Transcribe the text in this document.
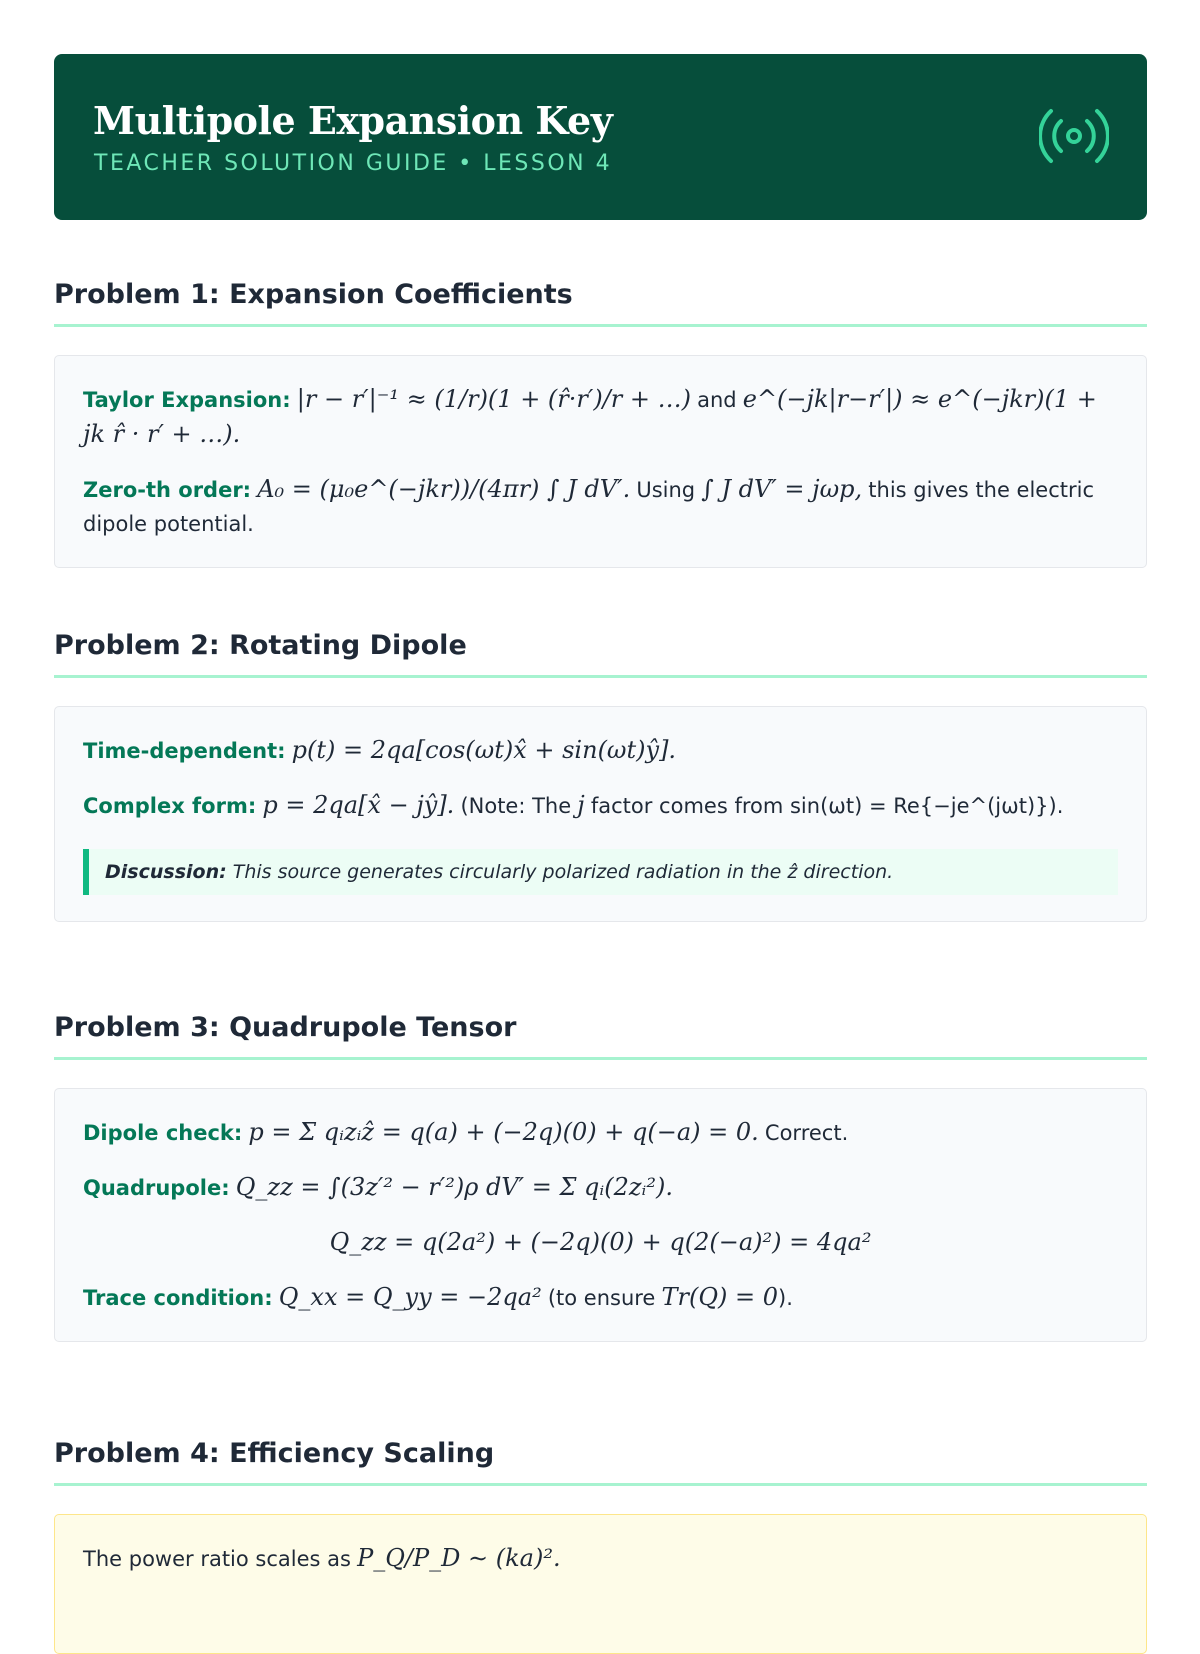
Multipole Expansion Key
TEACHER SOLUTION GUIDE • LESSON 4
Problem 1: Expansion Coefficients

Taylor Expansion: |r − r′|⁻¹ ≈ (1/r)(1 + (r̂·r′)/r + …) and e^(−jk|r−r′|) ≈ e^(−jkr)(1 + jk r̂ · r′ + …).

Zero-th order: A₀ = (μ₀e^(−jkr))/(4πr) ∫ J dV′. Using ∫ J dV′ = jωp, this gives the electric dipole potential.

Problem 2: Rotating Dipole

Time-dependent: p(t) = 2qa[cos(ωt)x̂ + sin(ωt)ŷ].

Complex form: p = 2qa[x̂ − jŷ]. (Note: The j factor comes from sin(ωt) = Re{−je^(jωt)}).

Discussion: This source generates circularly polarized radiation in the ẑ direction.
Problem 3: Quadrupole Tensor

Dipole check: p = Σ qᵢzᵢẑ = q(a) + (−2q)(0) + q(−a) = 0. Correct.

Quadrupole: Q_zz = ∫(3z′² − r′²)ρ dV′ = Σ qᵢ(2zᵢ²).

Q_zz = q(2a²) + (−2q)(0) + q(2(−a)²) = 4qa²

Trace condition: Q_xx = Q_yy = −2qa² (to ensure Tr(Q) = 0).

Problem 4: Efficiency Scaling

The power ratio scales as P_Q/P_D ∼ (ka)².
